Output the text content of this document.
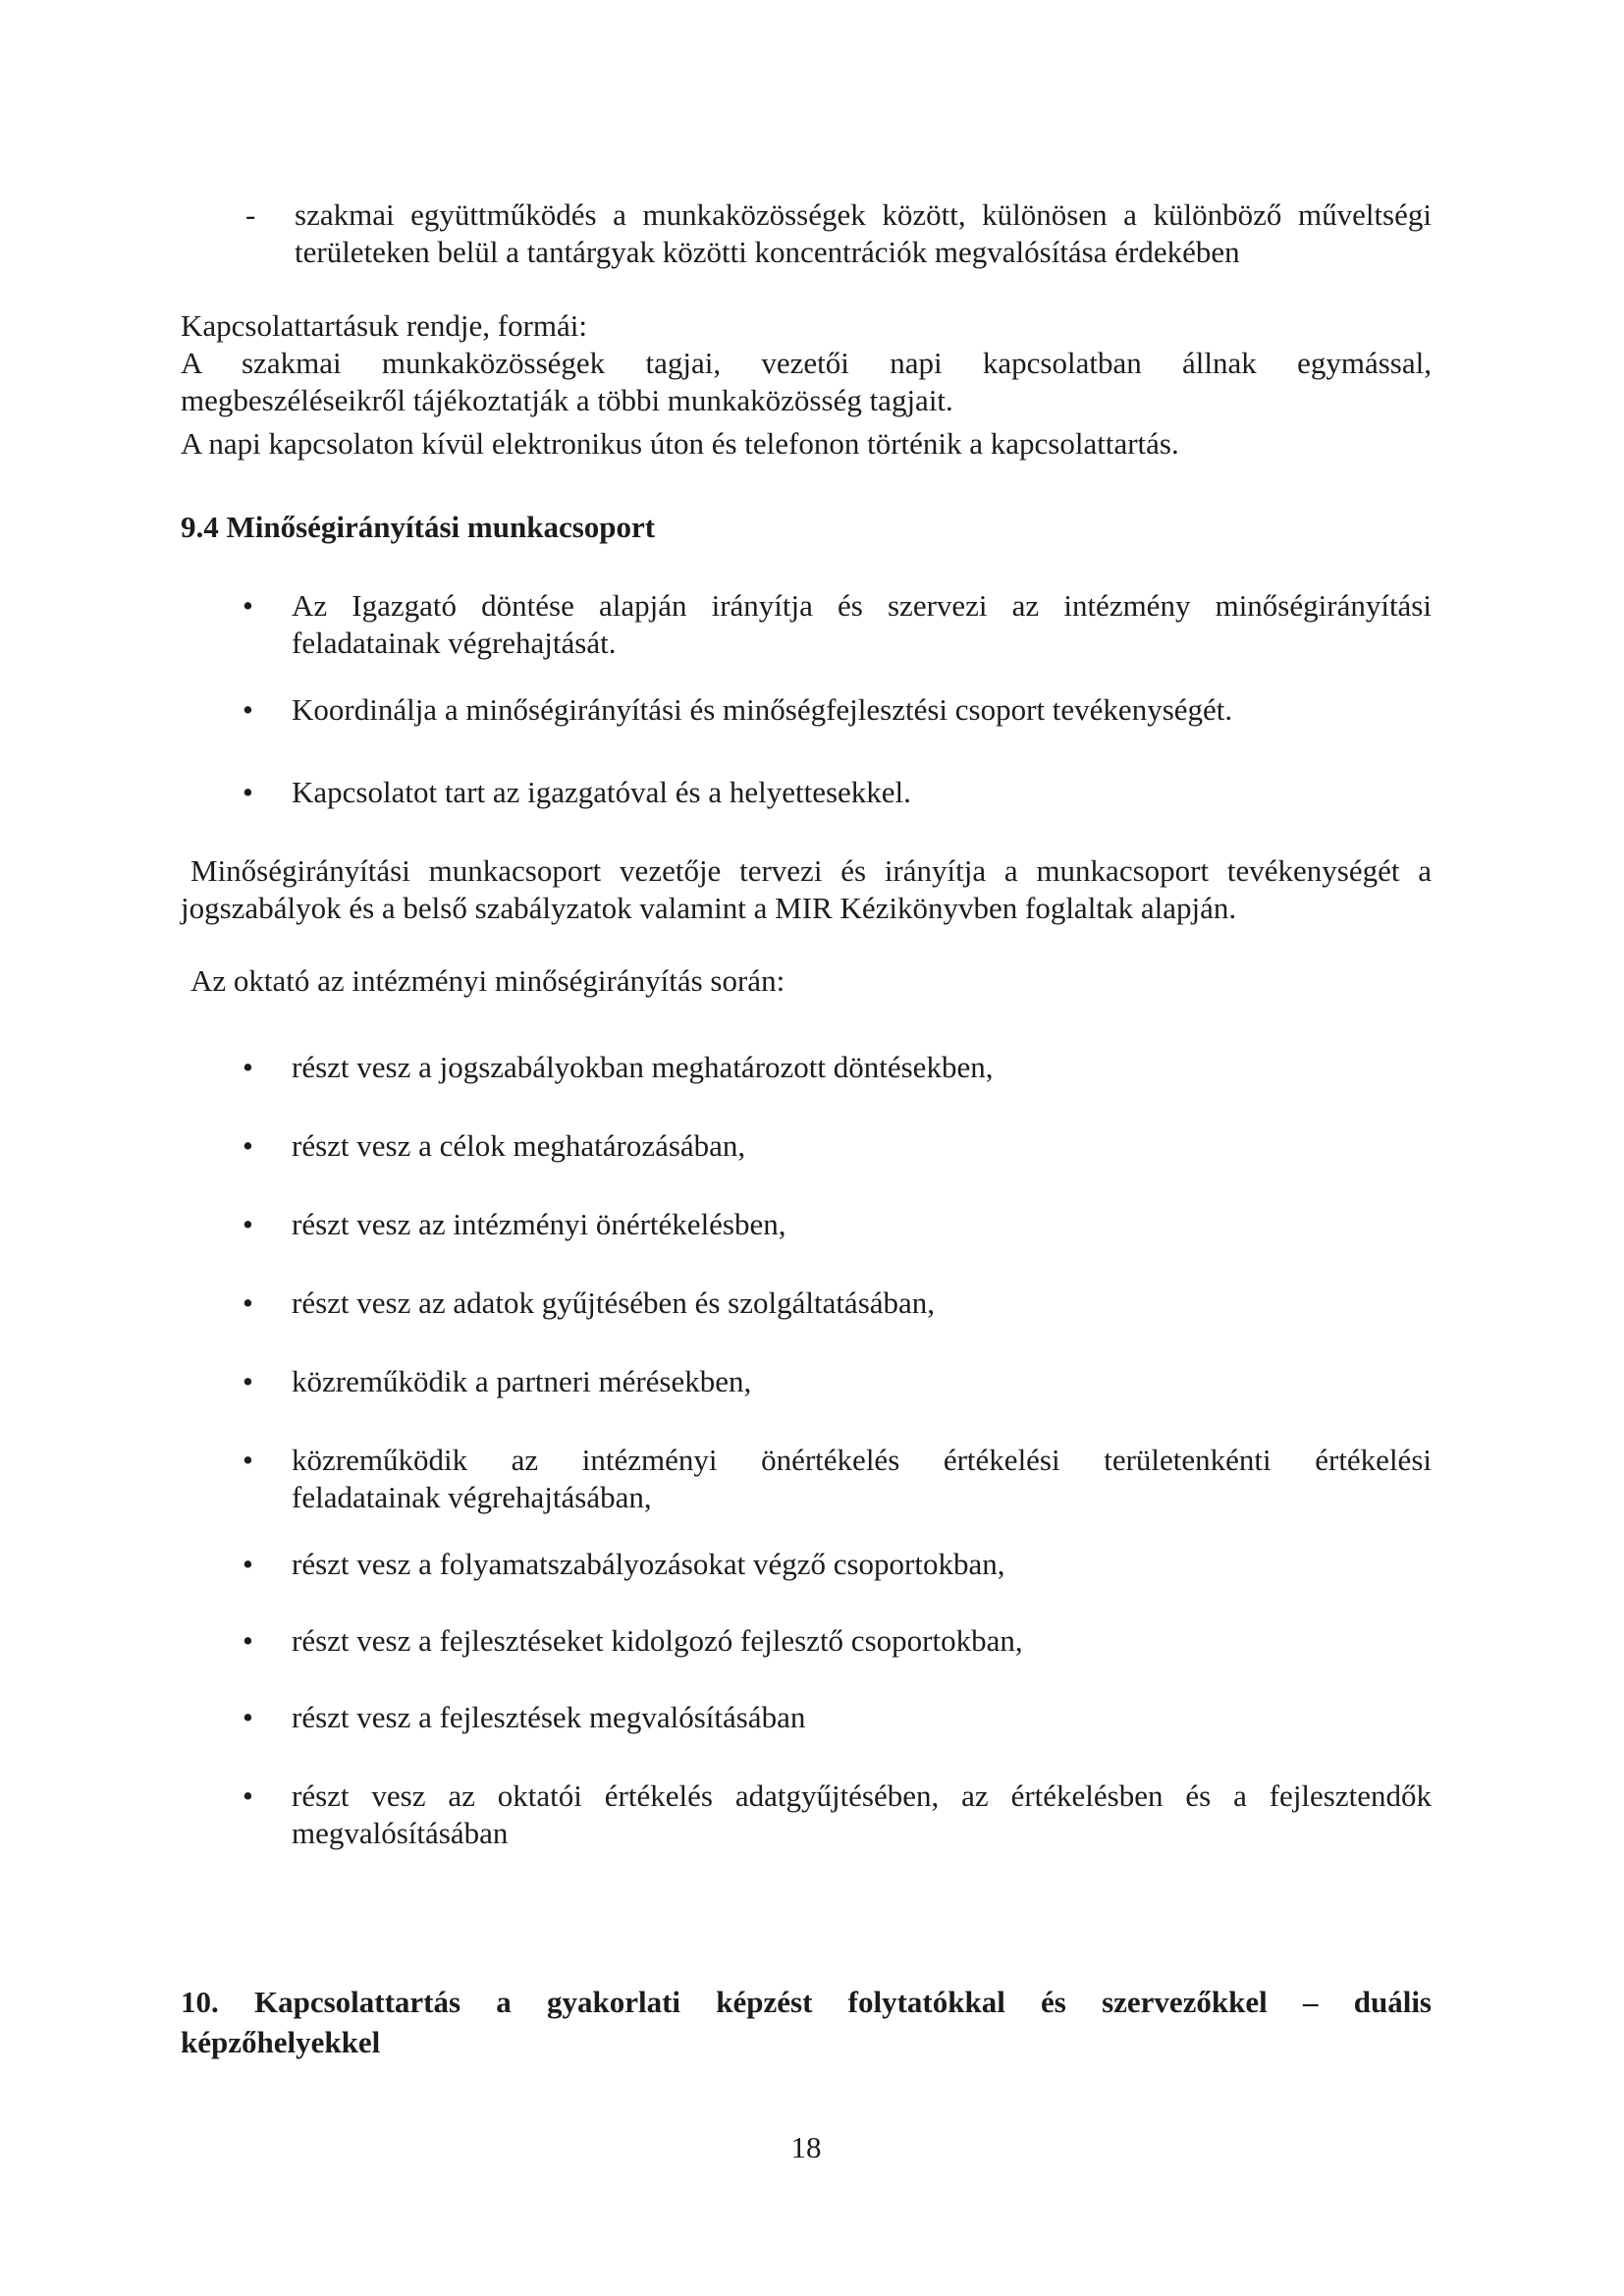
-	szakmai együttműködés a munkaközösségek között, különösen a különböző műveltségi
területeken belül a tantárgyak közötti koncentrációk megvalósítása érdekében
Kapcsolattartásuk rendje, formái:
A szakmai munkaközösségek tagjai, vezetői napi kapcsolatban állnak egymással,
megbeszéléseikről tájékoztatják a többi munkaközösség tagjait.
A napi kapcsolaton kívül elektronikus úton és telefonon történik a kapcsolattartás.
9.4 Minőségirányítási munkacsoport
•	Az Igazgató döntése alapján irányítja és szervezi az intézmény minőségirányítási
feladatainak végrehajtását.
•	Koordinálja a minőségirányítási és minőségfejlesztési csoport tevékenységét.
•	Kapcsolatot tart az igazgatóval és a helyettesekkel.
Minőségirányítási munkacsoport vezetője tervezi és irányítja a munkacsoport tevékenységét a
jogszabályok és a belső szabályzatok valamint a MIR Kézikönyvben foglaltak alapján.
Az oktató az intézményi minőségirányítás során:
•	részt vesz a jogszabályokban meghatározott döntésekben,
•	részt vesz a célok meghatározásában,
•	részt vesz az intézményi önértékelésben,
•	részt vesz az adatok gyűjtésében és szolgáltatásában,
•	közreműködik a partneri mérésekben,
•	közreműködik az intézményi önértékelés értékelési területenkénti értékelési
feladatainak végrehajtásában,
•	részt vesz a folyamatszabályozásokat végző csoportokban,
•	részt vesz a fejlesztéseket kidolgozó fejlesztő csoportokban,
•	részt vesz a fejlesztések megvalósításában
•	részt vesz az oktatói értékelés adatgyűjtésében, az értékelésben és a fejlesztendők
megvalósításában
10. Kapcsolattartás a gyakorlati képzést folytatókkal és szervezőkkel – duális
képzőhelyekkel
18
